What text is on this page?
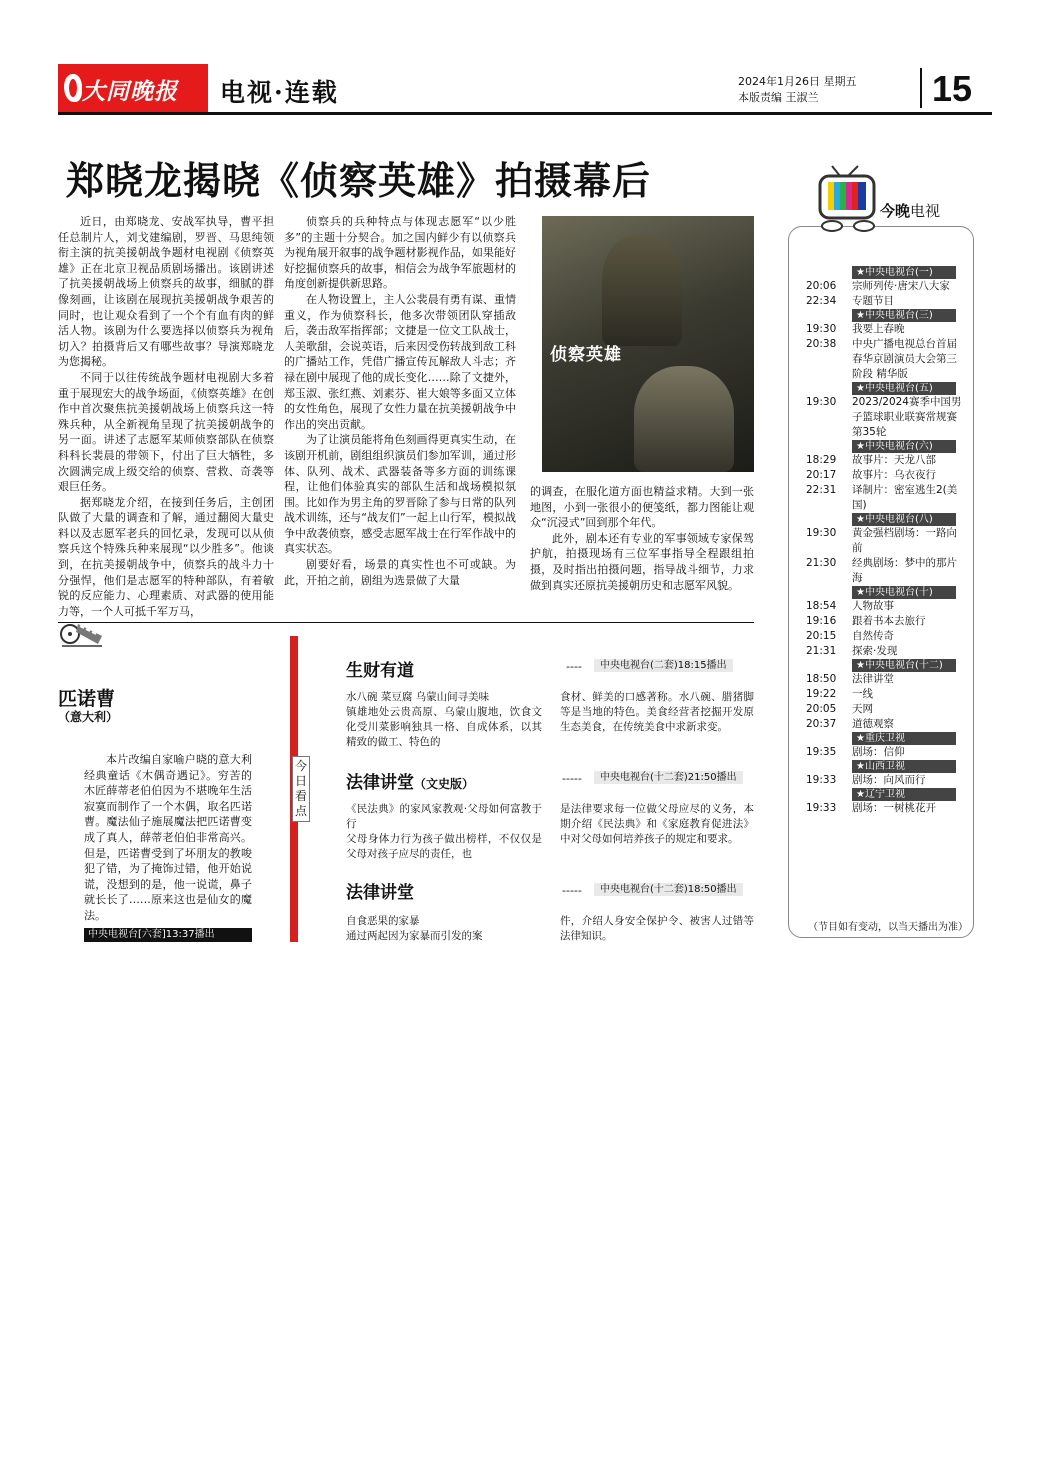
大同晚报 电视·连载	2024年1月26日 星期五
本版责编 王淑兰	15
郑晓龙揭晓《侦察英雄》拍摄幕后

近日，由郑晓龙、安战军执导，曹平担任总制片人，刘戈建编剧，罗晋、马思纯领衔主演的抗美援朝战争题材电视剧《侦察英雄》正在北京卫视品质剧场播出。该剧讲述了抗美援朝战场上侦察兵的故事，细腻的群像刻画，让该剧在展现抗美援朝战争艰苦的同时，也让观众看到了一个个有血有肉的鲜活人物。该剧为什么要选择以侦察兵为视角切入？拍摄背后又有哪些故事？导演郑晓龙为您揭秘。

不同于以往传统战争题材电视剧大多着重于展现宏大的战争场面，《侦察英雄》在创作中首次聚焦抗美援朝战场上侦察兵这一特殊兵种，从全新视角呈现了抗美援朝战争的另一面。讲述了志愿军某师侦察部队在侦察科科长裴晨的带领下，付出了巨大牺牲，多次圆满完成上级交给的侦察、营救、奇袭等艰巨任务。

据郑晓龙介绍，在接到任务后，主创团队做了大量的调查和了解，通过翻阅大量史料以及志愿军老兵的回忆录，发现可以从侦察兵这个特殊兵种来展现“以少胜多”。他谈到，在抗美援朝战争中，侦察兵的战斗力十分强悍，他们是志愿军的特种部队，有着敏锐的反应能力、心理素质、对武器的使用能力等，一个人可抵千军万马，

侦察兵的兵种特点与体现志愿军“以少胜多”的主题十分契合。加之国内鲜少有以侦察兵为视角展开叙事的战争题材影视作品，如果能好好挖掘侦察兵的故事，相信会为战争军旅题材的角度创新提供新思路。

在人物设置上，主人公裴晨有勇有谋、重情重义，作为侦察科长，他多次带领团队穿插敌后，袭击敌军指挥部；文捷是一位文工队战士，人美歌甜，会说英语，后来因受伤转战到敌工科的广播站工作，凭借广播宣传瓦解敌人斗志；齐禄在剧中展现了他的成长变化……除了文捷外，郑玉淑、张红燕、刘素芬、崔大娘等多面又立体的女性角色，展现了女性力量在抗美援朝战争中作出的突出贡献。

为了让演员能将角色刻画得更真实生动，在该剧开机前，剧组组织演员们参加军训，通过形体、队列、战术、武器装备等多方面的训练课程，让他们体验真实的部队生活和战场模拟氛围。比如作为男主角的罗晋除了参与日常的队列战术训练，还与“战友们”一起上山行军，模拟战争中敌袭侦察，感受志愿军战士在行军作战中的真实状态。

剧要好看，场景的真实性也不可或缺。为此，开拍之前，剧组为选景做了大量

侦察英雄

的调查，在服化道方面也精益求精。大到一张地图，小到一张很小的便笺纸，都力图能让观众“沉浸式”回到那个年代。

此外，剧本还有专业的军事领域专家保驾护航，拍摄现场有三位军事指导全程跟组拍摄，及时指出拍摄问题，指导战斗细节，力求做到真实还原抗美援朝历史和志愿军风貌。

匹诺曹
（意大利）

本片改编自家喻户晓的意大利经典童话《木偶奇遇记》。穷苦的木匠薛蒂老伯伯因为不堪晚年生活寂寞而制作了一个木偶，取名匹诺曹。魔法仙子施展魔法把匹诺曹变成了真人，薛蒂老伯伯非常高兴。但是，匹诺曹受到了坏朋友的教唆犯了错，为了掩饰过错，他开始说谎，没想到的是，他一说谎，鼻子就长长了……原来这也是仙女的魔法。

中央电视台[六套]13:37播出
今日看点
生财有道	----	中央电视台(二套)18:15播出
水八碗 菜豆腐 乌蒙山间寻美味
镇雄地处云贵高原、乌蒙山腹地，饮食文化受川菜影响独具一格、自成体系，以其精致的做工、特色的
食材、鲜美的口感著称。水八碗、腊猪脚等是当地的特色。美食经营者挖掘开发原生态美食，在传统美食中求新求变。
法律讲堂（文史版）	-----	中央电视台(十二套)21:50播出
《民法典》的家风家教观·父母如何富教于行
父母身体力行为孩子做出榜样，不仅仅是父母对孩子应尽的责任，也
是法律要求每一位做父母应尽的义务，本期介绍《民法典》和《家庭教育促进法》中对父母如何培养孩子的规定和要求。
法律讲堂	-----	中央电视台(十二套)18:50播出
自食恶果的家暴
通过两起因为家暴而引发的案
件，介绍人身安全保护令、被害人过错等法律知识。
今晚电视
★中央电视台(一)
20:06	宗师列传·唐宋八大家
22:34	专题节目
★中央电视台(三)
19:30	我要上春晚
20:38	中央广播电视总台首届春华京剧演员大会第三阶段 精华版
★中央电视台(五)
19:30	2023/2024赛季中国男子篮球职业联赛常规赛第35轮
★中央电视台(六)
18:29	故事片：天龙八部
20:17	故事片：乌衣夜行
22:31	译制片：密室逃生2(美国)
★中央电视台(八)
19:30	黄金强档剧场：一路向前
21:30	经典剧场：梦中的那片海
★中央电视台(十)
18:54	人物故事
19:16	跟着书本去旅行
20:15	自然传奇
21:31	探索·发现
★中央电视台(十二)
18:50	法律讲堂
19:22	一线
20:05	天网
20:37	道德观察
★重庆卫视
19:35	剧场：信仰
★山西卫视
19:33	剧场：向风而行
★辽宁卫视
19:33	剧场：一树桃花开
（节目如有变动，以当天播出为准）
